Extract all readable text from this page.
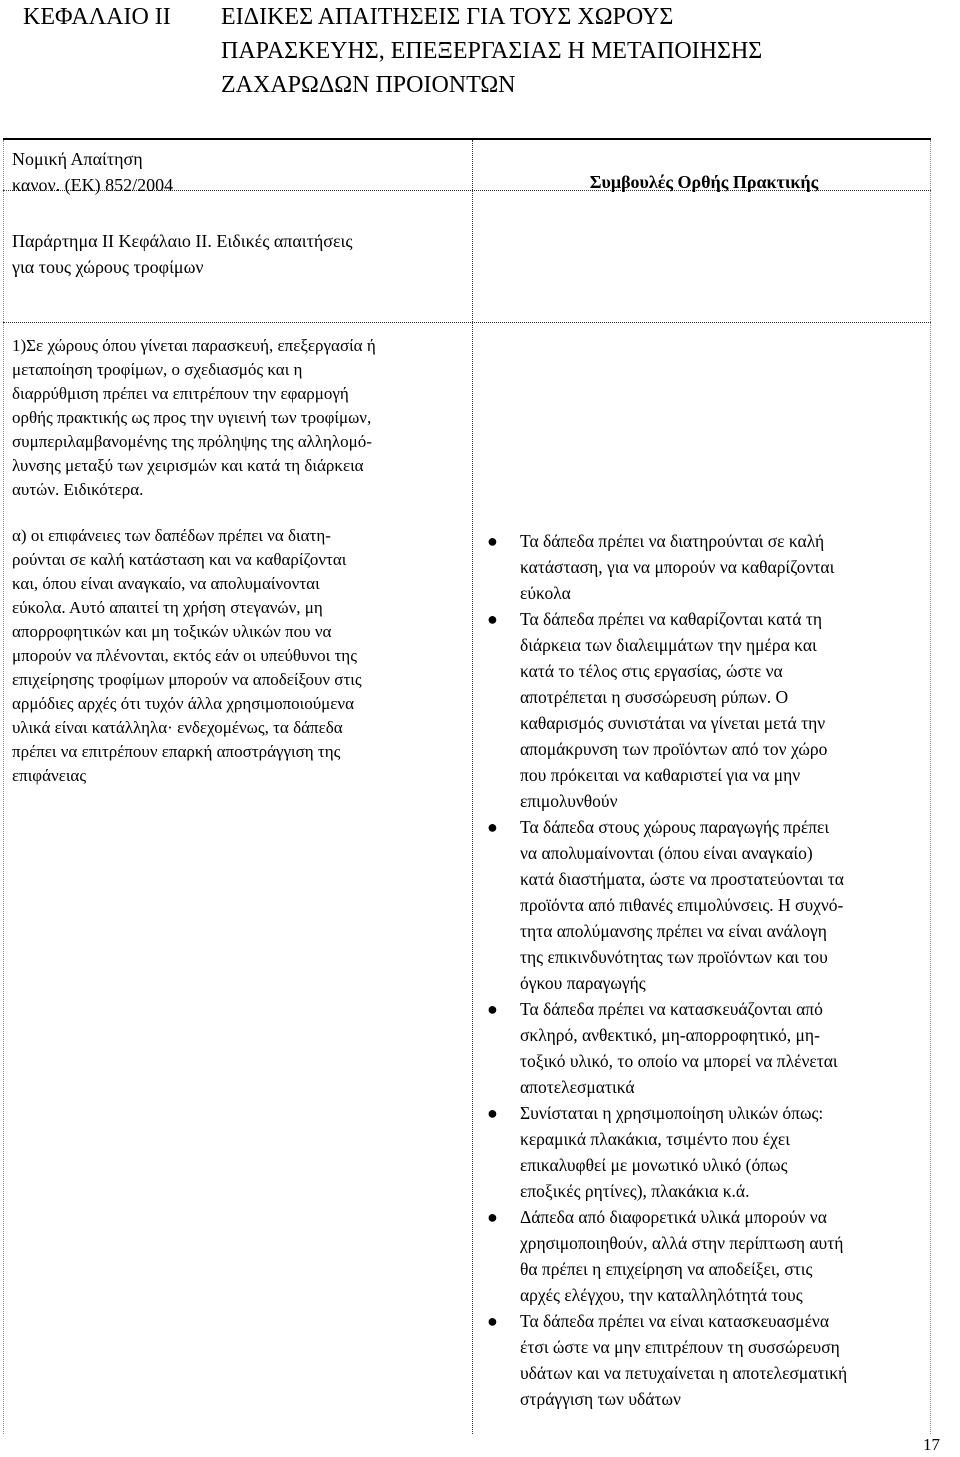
ΚΕΦΑΛΑΙΟ ΙΙ ΕΙΔΙΚΕΣ ΑΠΑΙΤΗΣΕΙΣ ΓΙΑ ΤΟΥΣ ΧΩΡΟΥΣ
ΠΑΡΑΣΚΕΥΗΣ, ΕΠΕΞΕΡΓΑΣΙΑΣ Η ΜΕΤΑΠΟΙΗΣΗΣ
ΖΑΧΑΡΩΔΩΝ ΠΡΟΙΟΝΤΩΝ
Νομική Απαίτηση
κανον. (ΕΚ) 852/2004	Συμβουλές Ορθής Πρακτικής
Παράρτημα ΙΙ Κεφάλαιο ΙΙ. Ειδικές απαιτήσεις
για τους χώρους τροφίμων
1)Σε χώρους όπου γίνεται παρασκευή, επεξεργασία ή
μεταποίηση τροφίμων, ο σχεδιασμός και η
διαρρύθμιση πρέπει να επιτρέπουν την εφαρμογή
ορθής πρακτικής ως προς την υγιεινή των τροφίμων,
συμπεριλαμβανομένης της πρόληψης της αλληλομό-
λυνσης μεταξύ των χειρισμών και κατά τη διάρκεια
αυτών. Ειδικότερα.
α) οι επιφάνειες των δαπέδων πρέπει να διατη-
ρούνται σε καλή κατάσταση και να καθαρίζονται
και, όπου είναι αναγκαίο, να απολυμαίνονται
εύκολα. Αυτό απαιτεί τη χρήση στεγανών, μη
απορροφητικών και μη τοξικών υλικών που να
μπορούν να πλένονται, εκτός εάν οι υπεύθυνοι της
επιχείρησης τροφίμων μπορούν να αποδείξουν στις
αρμόδιες αρχές ότι τυχόν άλλα χρησιμοποιούμενα
υλικά είναι κατάλληλα· ενδεχομένως, τα δάπεδα
πρέπει να επιτρέπουν επαρκή αποστράγγιση της
επιφάνειας
● Τα δάπεδα πρέπει να διατηρούνται σε καλή
κατάσταση, για να μπορούν να καθαρίζονται
εύκολα
● Τα δάπεδα πρέπει να καθαρίζονται κατά τη
διάρκεια των διαλειμμάτων την ημέρα και
κατά το τέλος στις εργασίας, ώστε να
αποτρέπεται η συσσώρευση ρύπων. Ο
καθαρισμός συνιστάται να γίνεται μετά την
απομάκρυνση των προϊόντων από τον χώρο
που πρόκειται να καθαριστεί για να μην
επιμολυνθούν
● Τα δάπεδα στους χώρους παραγωγής πρέπει
να απολυμαίνονται (όπου είναι αναγκαίο)
κατά διαστήματα, ώστε να προστατεύονται τα
προϊόντα από πιθανές επιμολύνσεις. Η συχνό-
τητα απολύμανσης πρέπει να είναι ανάλογη
της επικινδυνότητας των προϊόντων και του
όγκου παραγωγής
● Τα δάπεδα πρέπει να κατασκευάζονται από
σκληρό, ανθεκτικό, μη-απορροφητικό, μη-
τοξικό υλικό, το οποίο να μπορεί να πλένεται
αποτελεσματικά
● Συνίσταται η χρησιμοποίηση υλικών όπως:
κεραμικά πλακάκια, τσιμέντο που έχει
επικαλυφθεί με μονωτικό υλικό (όπως
εποξικές ρητίνες), πλακάκια κ.ά.
● Δάπεδα από διαφορετικά υλικά μπορούν να
χρησιμοποιηθούν, αλλά στην περίπτωση αυτή
θα πρέπει η επιχείρηση να αποδείξει, στις
αρχές ελέγχου, την καταλληλότητά τους
● Τα δάπεδα πρέπει να είναι κατασκευασμένα
έτσι ώστε να μην επιτρέπουν τη συσσώρευση
υδάτων και να πετυχαίνεται η αποτελεσματική
στράγγιση των υδάτων
17
